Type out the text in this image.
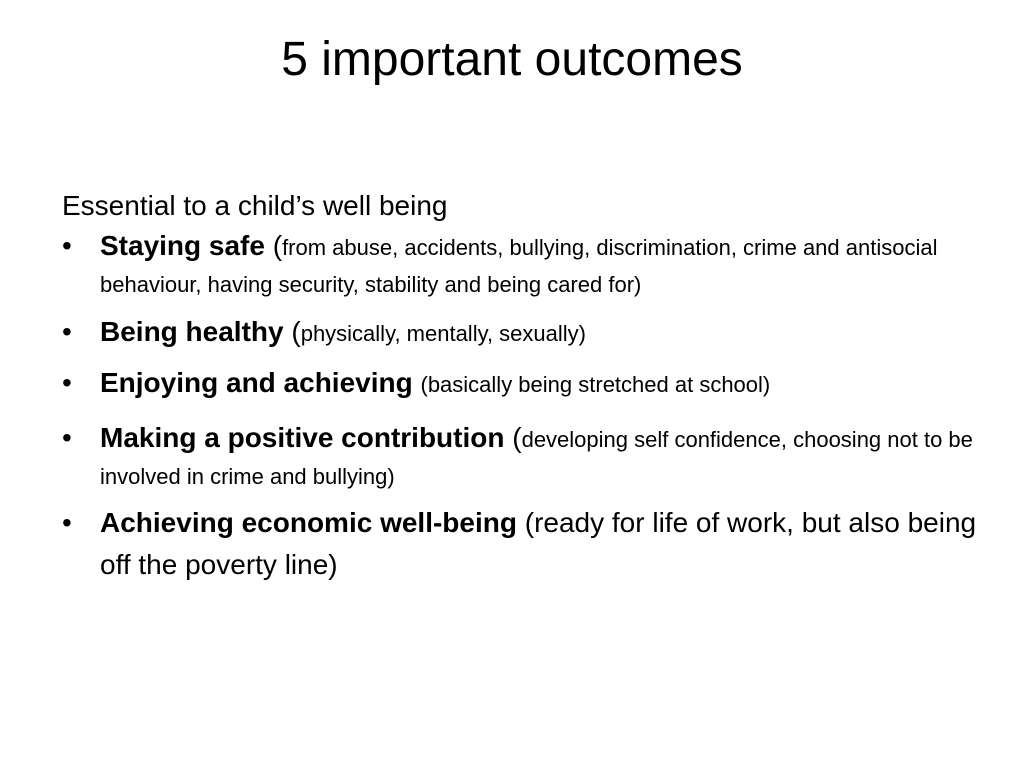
5 important outcomes

Essential to a child’s well being

•	Staying safe (from abuse, accidents, bullying, discrimination, crime and antisocial behaviour, having security, stability and being cared for)
•	Being healthy (physically, mentally, sexually)
•	Enjoying and achieving (basically being stretched at school)
•	Making a positive contribution (developing self confidence, choosing not to be involved in crime and bullying)
•	Achieving economic well-being (ready for life of work, but also being off the poverty line)
